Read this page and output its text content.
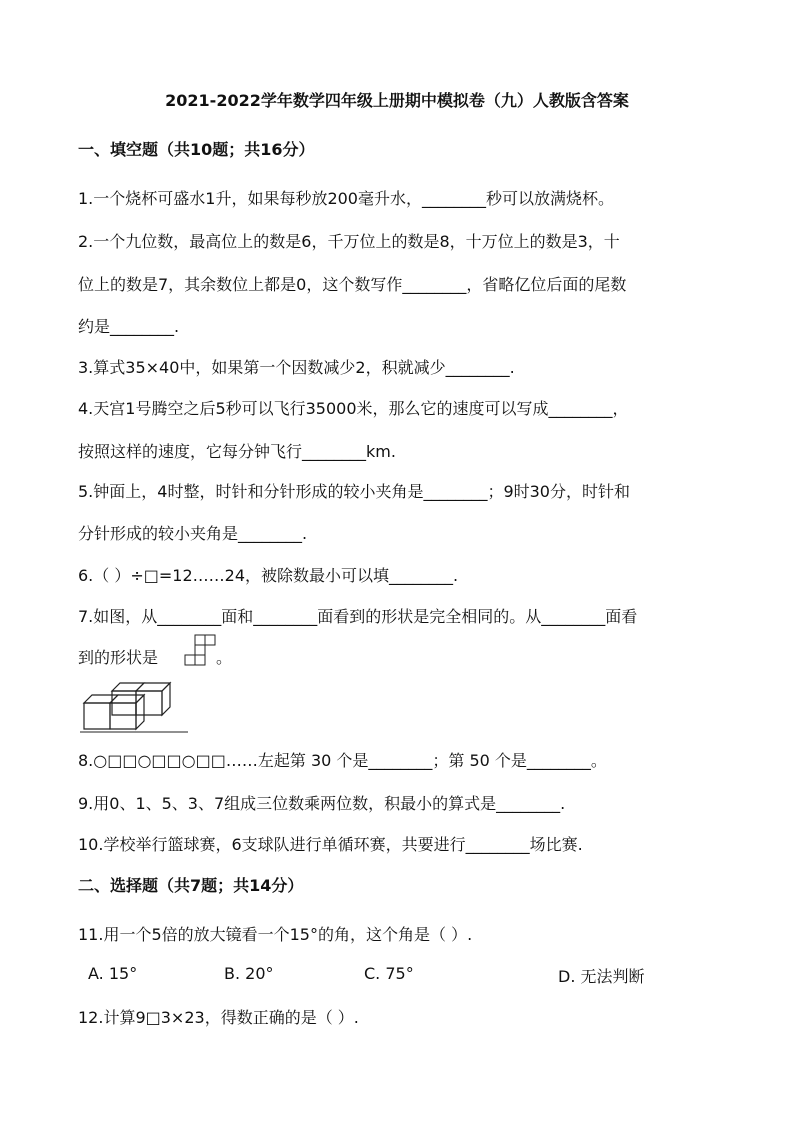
2021-2022学年数学四年级上册期中模拟卷（九）人教版含答案
一、填空题（共10题；共16分）
1.一个烧杯可盛水1升，如果每秒放200毫升水，________秒可以放满烧杯。
2.一个九位数，最高位上的数是6，千万位上的数是8，十万位上的数是3，十
位上的数是7，其余数位上都是0，这个数写作________，省略亿位后面的尾数
约是________.
3.算式35×40中，如果第一个因数减少2，积就减少________.
4.天宫1号腾空之后5秒可以飞行35000米，那么它的速度可以写成________，
按照这样的速度，它每分钟飞行________km.
5.钟面上，4时整，时针和分针形成的较小夹角是________；9时30分，时针和
分针形成的较小夹角是________.
6.（ ）÷□=12……24，被除数最小可以填________.
7.如图，从________面和________面看到的形状是完全相同的。从________面看
到的形状是	。
8.○□□○□□○□□……左起第 30 个是________；第 50 个是________。
9.用0、1、5、3、7组成三位数乘两位数，积最小的算式是________.
10.学校举行篮球赛，6支球队进行单循环赛，共要进行________场比赛.
二、选择题（共7题；共14分）
11.用一个5倍的放大镜看一个15°的角，这个角是（ ）.
A. 15°	B. 20°	C. 75°	D. 无法判断
12.计算9□3×23，得数正确的是（ ）.
